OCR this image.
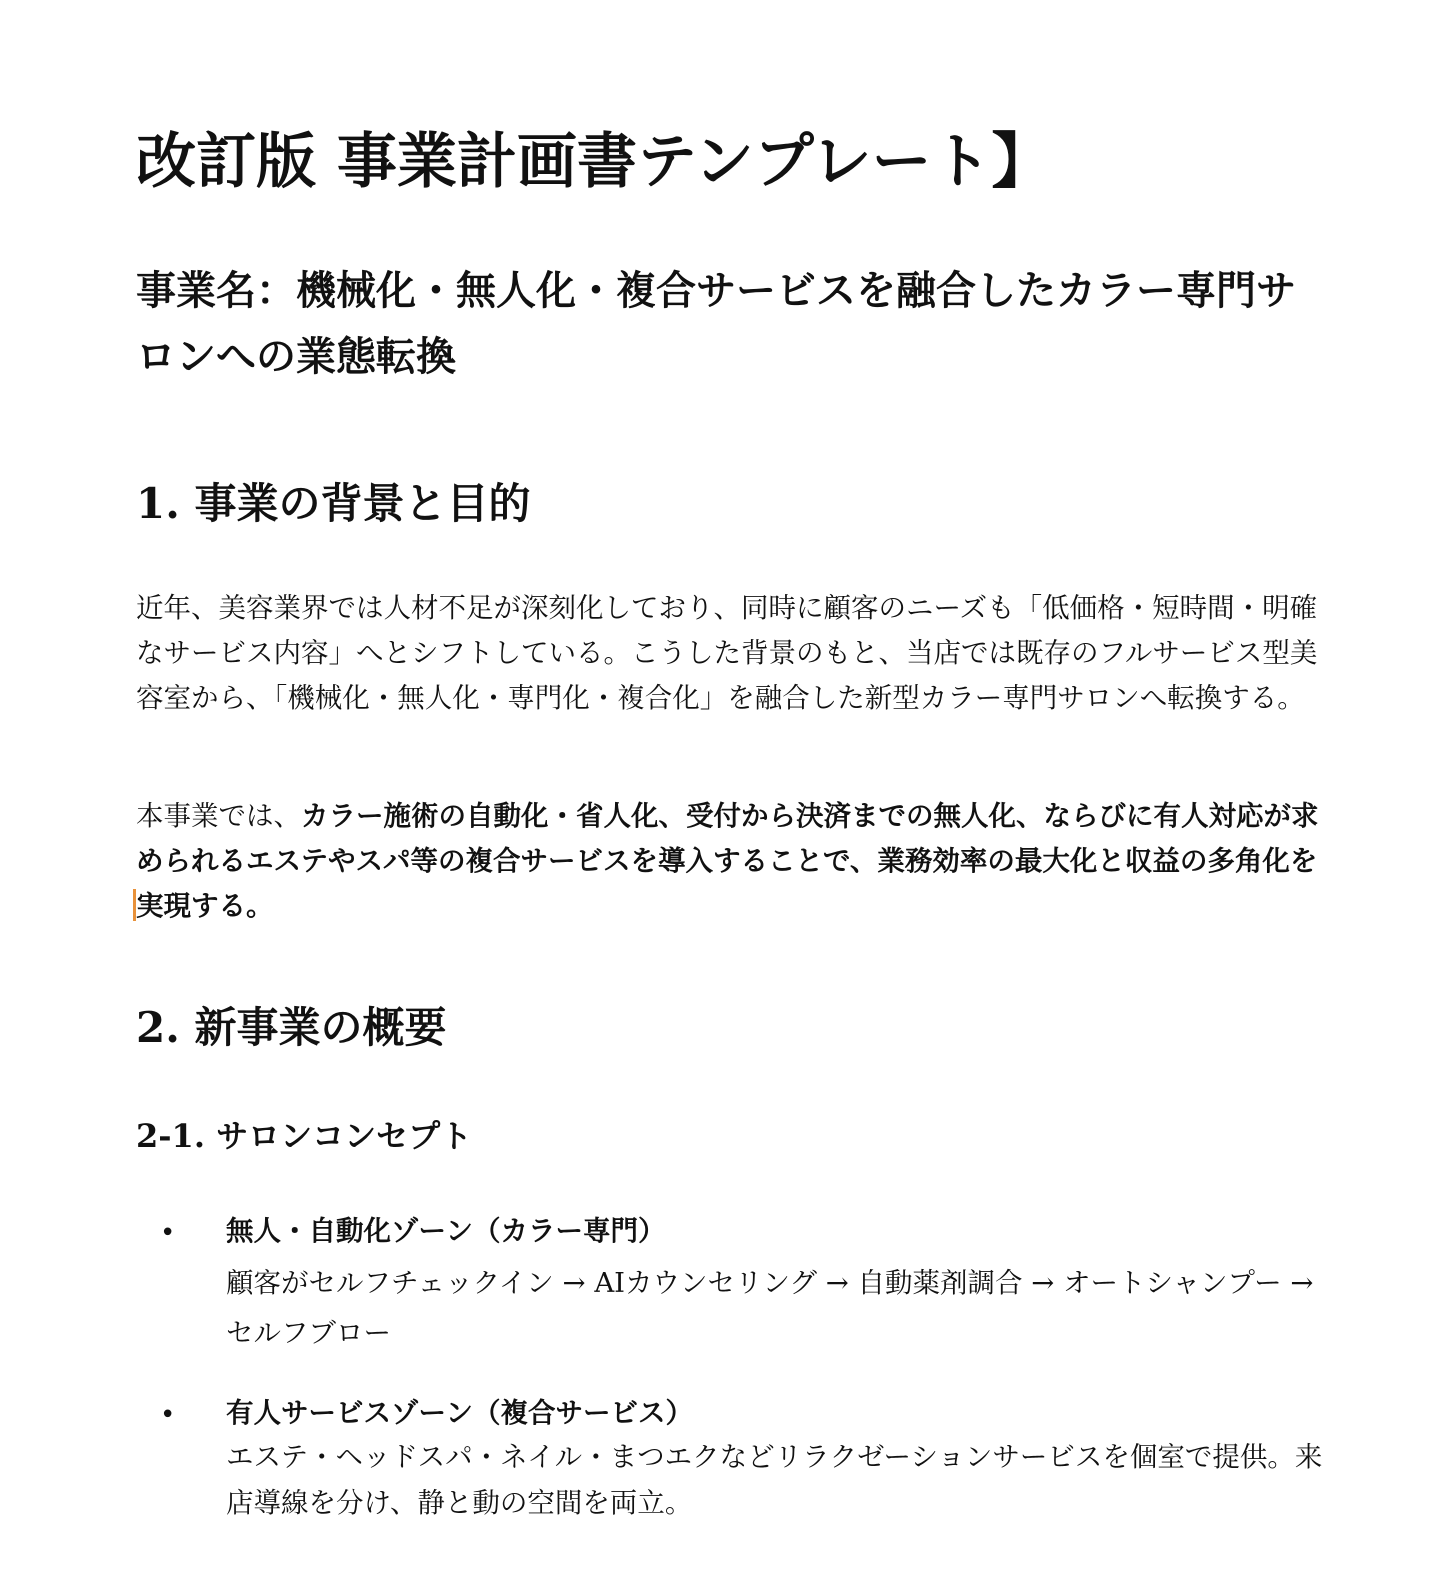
改訂版 事業計画書テンプレート】
事業名：機械化・無人化・複合サービスを融合したカラー専門サロンへの業態転換
1. 事業の背景と目的

近年、美容業界では人材不足が深刻化しており、同時に顧客のニーズも「低価格・短時間・明確なサービス内容」へとシフトしている。こうした背景のもと、当店では既存のフルサービス型美容室から、「機械化・無人化・専門化・複合化」を融合した新型カラー専門サロンへ転換する。

本事業では、カラー施術の自動化・省人化、受付から決済までの無人化、ならびに有人対応が求められるエステやスパ等の複合サービスを導入することで、業務効率の最大化と収益の多角化を実現する。

2. 新事業の概要
2-1. サロンコンセプト
• 無人・自動化ゾーン（カラー専門）

顧客がセルフチェックイン → AIカウンセリング → 自動薬剤調合 → オートシャンプー → セルフブロー

• 有人サービスゾーン（複合サービス）

エステ・ヘッドスパ・ネイル・まつエクなどリラクゼーションサービスを個室で提供。来店導線を分け、静と動の空間を両立。
